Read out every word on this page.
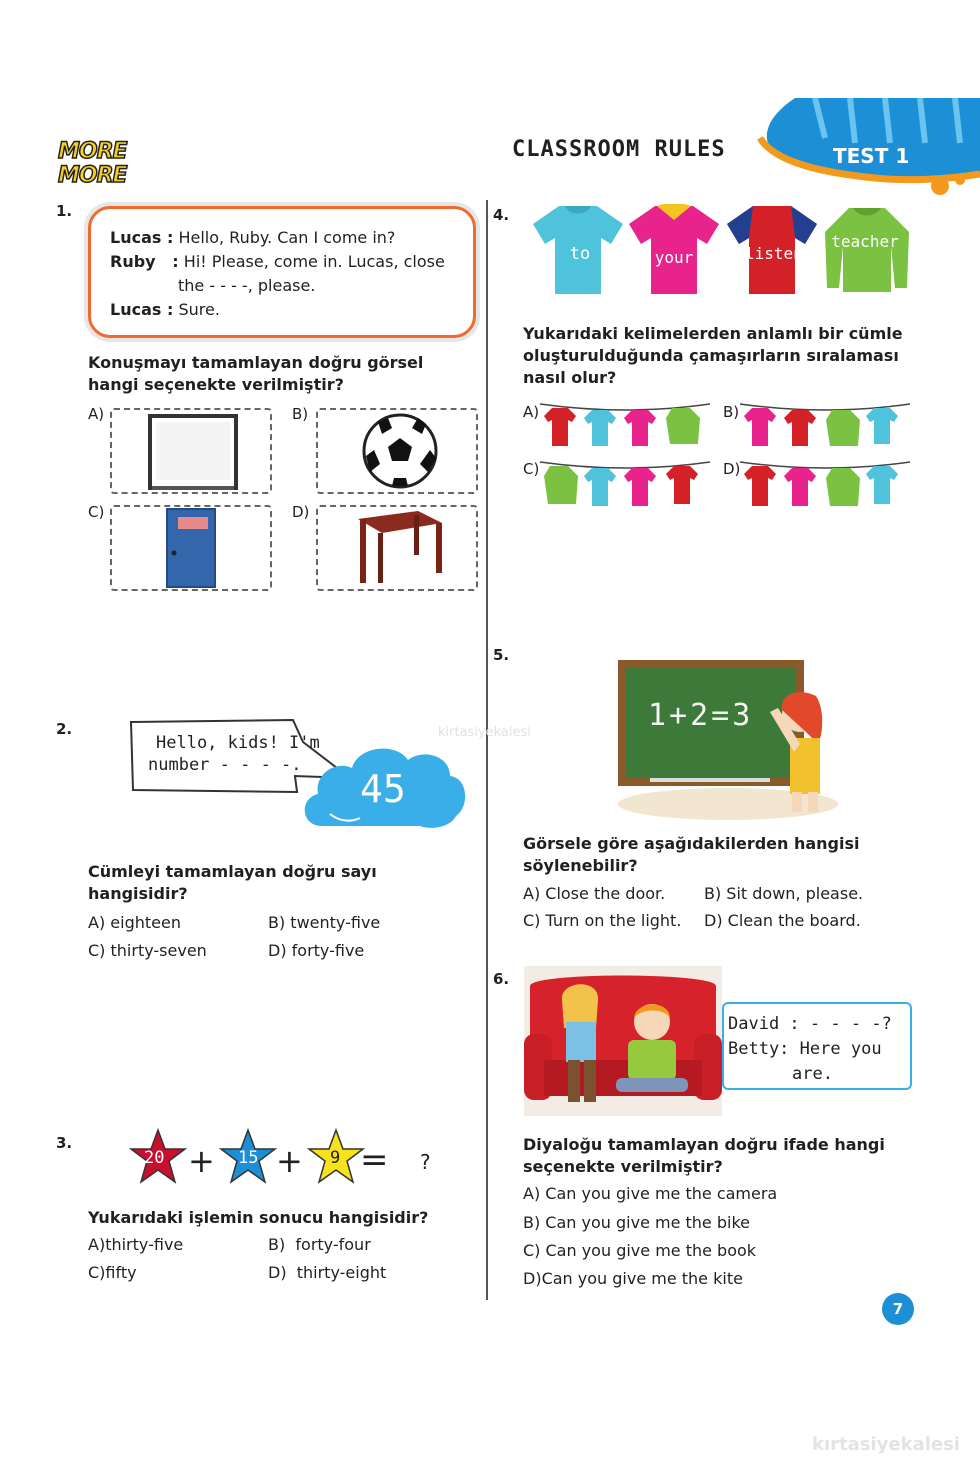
MORE
MORE
CLASSROOM RULES	TEST 1
1.
Lucas : Hello, Ruby. Can I come in?
Ruby   : Hi! Please, come in. Lucas, close
the - - - -, please.
Lucas : Sure.
Konuşmayı tamamlayan doğru görsel
hangi seçenekte verilmiştir?
A)	B)
C)	D)
2.
Hello, kids! I'm
number - - - -.
45
kirtasiyekalesi
Cümleyi tamamlayan doğru sayı
hangisidir?
A) eighteen	B) twenty-five
C) thirty-seven	D) forty-five
3.
20 + 15 + 9 = ?
Yukarıdaki işlemin sonucu hangisidir?
A)thirty-five	B)  forty-four
C)fifty	D)  thirty-eight
4.
to	your	listen
teacher
Yukarıdaki kelimelerden anlamlı bir cümle
oluşturulduğunda çamaşırların sıralaması
nasıl olur?
A)	B)
C)	D)
5.
1+2=3
Görsele göre aşağıdakilerden hangisi
söylenebilir?
A) Close the door. B) Sit down, please.
C) Turn on the light. D) Clean the board.
6.
David : - - - -?
Betty: Here you
are.
Diyaloğu tamamlayan doğru ifade hangi
seçenekte verilmiştir?
A) Can you give me the camera
B) Can you give me the bike
C) Can you give me the book
D)Can you give me the kite
7
kırtasiyekalesi
